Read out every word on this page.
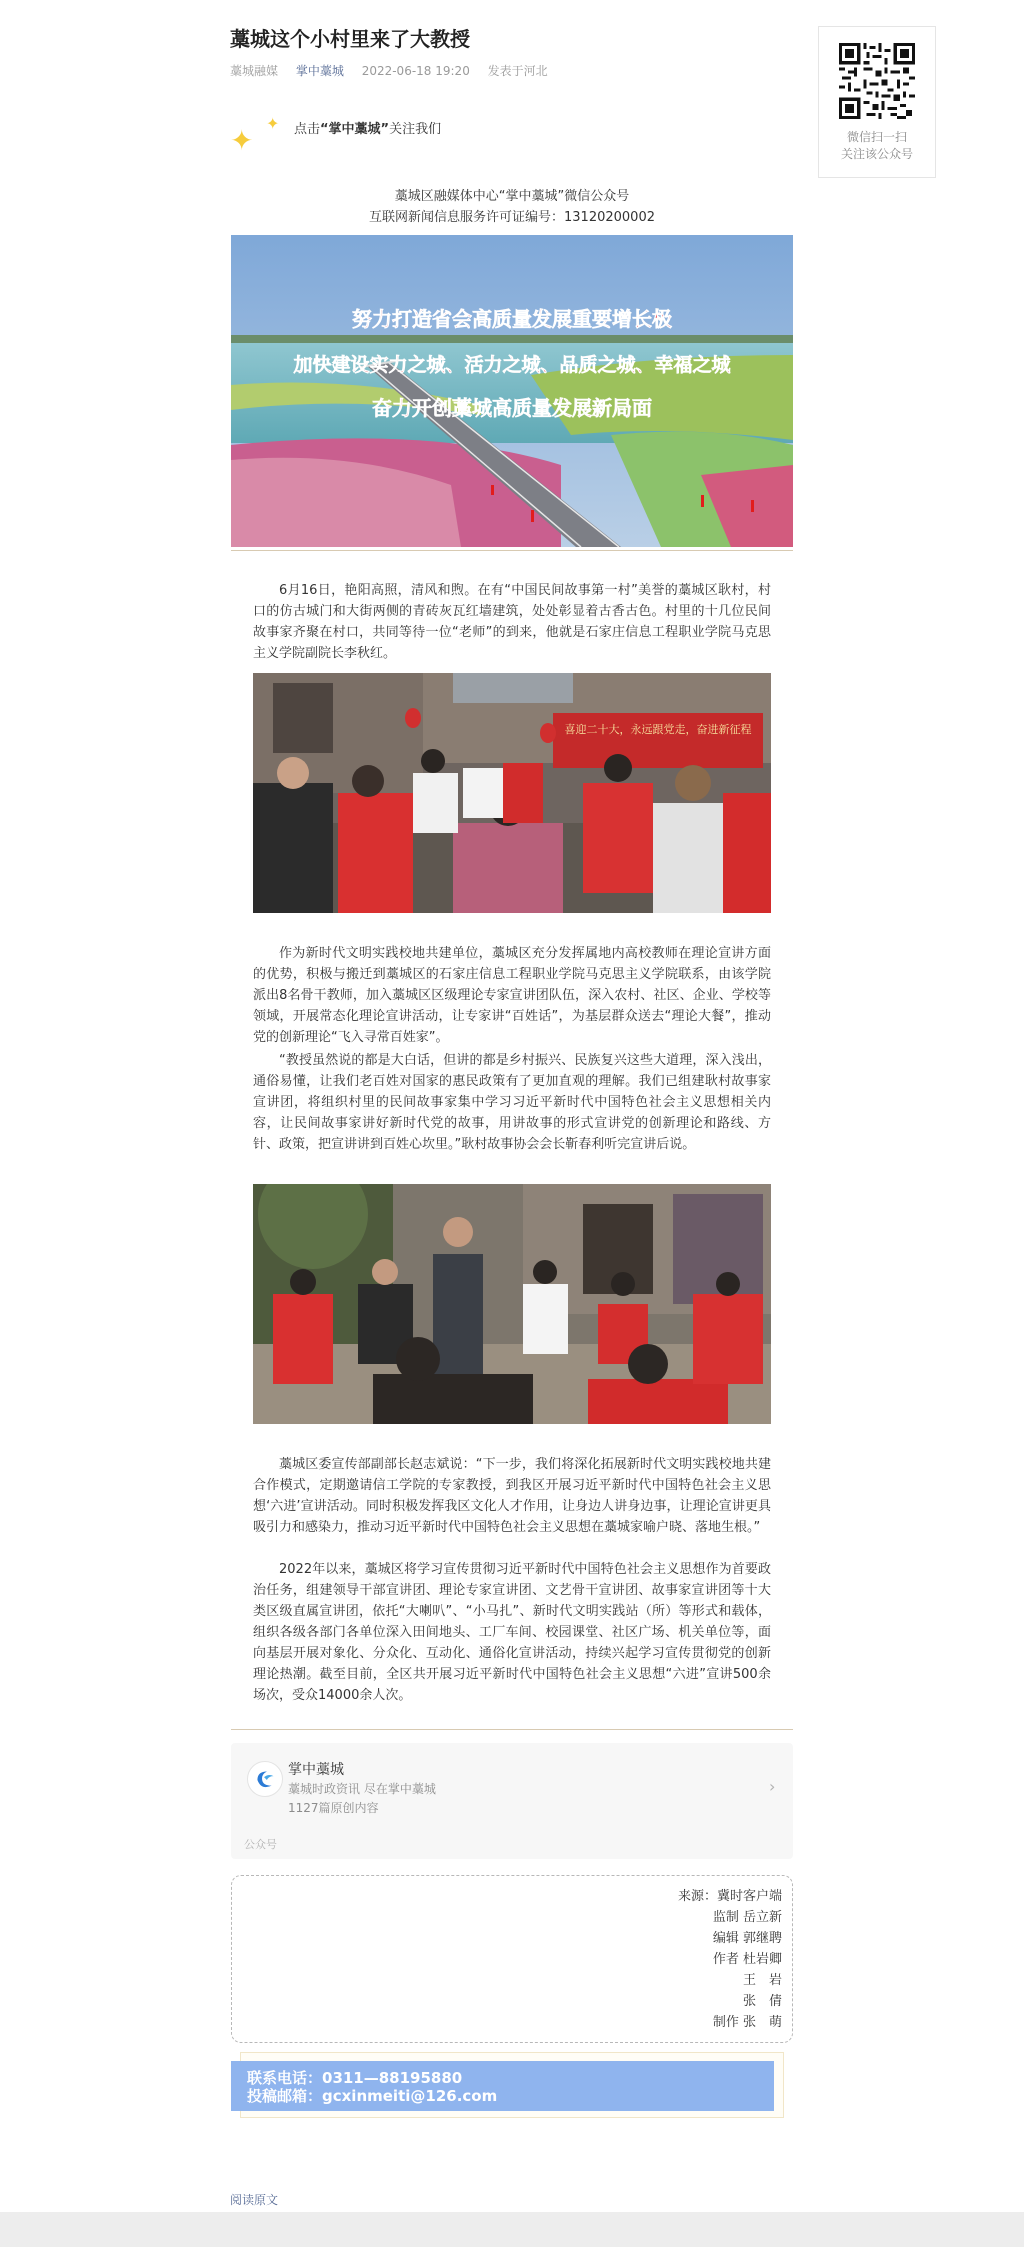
藁城这个小村里来了大教授
藁城融媒 掌中藁城 2022-06-18 19:20 发表于河北
微信扫一扫
关注该公众号
✦
✦ 点击“掌中藁城”关注我们
藁城区融媒体中心“掌中藁城”微信公众号
互联网新闻信息服务许可证编号：13120200002
努力打造省会高质量发展重要增长极
加快建设实力之城、活力之城、品质之城、幸福之城
奋力开创藁城高质量发展新局面

6月16日，艳阳高照，清风和煦。在有“中国民间故事第一村”美誉的藁城区耿村，村口的仿古城门和大街两侧的青砖灰瓦红墙建筑，处处彰显着古香古色。村里的十几位民间故事家齐聚在村口，共同等待一位“老师”的到来，他就是石家庄信息工程职业学院马克思主义学院副院长李秋红。

喜迎二十大，永远跟党走，奋进新征程

作为新时代文明实践校地共建单位，藁城区充分发挥属地内高校教师在理论宣讲方面的优势，积极与搬迁到藁城区的石家庄信息工程职业学院马克思主义学院联系，由该学院派出8名骨干教师，加入藁城区区级理论专家宣讲团队伍，深入农村、社区、企业、学校等领域，开展常态化理论宣讲活动，让专家讲“百姓话”，为基层群众送去“理论大餐”，推动党的创新理论“飞入寻常百姓家”。

“教授虽然说的都是大白话，但讲的都是乡村振兴、民族复兴这些大道理，深入浅出，通俗易懂，让我们老百姓对国家的惠民政策有了更加直观的理解。我们已组建耿村故事家宣讲团，将组织村里的民间故事家集中学习习近平新时代中国特色社会主义思想相关内容，让民间故事家讲好新时代党的故事，用讲故事的形式宣讲党的创新理论和路线、方针、政策，把宣讲讲到百姓心坎里。”耿村故事协会会长靳春利听完宣讲后说。

藁城区委宣传部副部长赵志斌说：“下一步，我们将深化拓展新时代文明实践校地共建合作模式，定期邀请信工学院的专家教授，到我区开展习近平新时代中国特色社会主义思想‘六进’宣讲活动。同时积极发挥我区文化人才作用，让身边人讲身边事，让理论宣讲更具吸引力和感染力，推动习近平新时代中国特色社会主义思想在藁城家喻户晓、落地生根。”

2022年以来，藁城区将学习宣传贯彻习近平新时代中国特色社会主义思想作为首要政治任务，组建领导干部宣讲团、理论专家宣讲团、文艺骨干宣讲团、故事家宣讲团等十大类区级直属宣讲团，依托“大喇叭”、“小马扎”、新时代文明实践站（所）等形式和载体，组织各级各部门各单位深入田间地头、工厂车间、校园课堂、社区广场、机关单位等，面向基层开展对象化、分众化、互动化、通俗化宣讲活动，持续兴起学习宣传贯彻党的创新理论热潮。截至目前，全区共开展习近平新时代中国特色社会主义思想“六进”宣讲500余场次，受众14000余人次。

掌中藁城
藁城时政资讯 尽在掌中藁城
1127篇原创内容
›
公众号
来源：冀时客户端
监制 岳立新
编辑 郭继聘
作者 杜岩卿
王　岩
张　倩
制作 张　萌
联系电话：0311—88195880
投稿邮箱：gcxinmeiti@126.com
阅读原文
